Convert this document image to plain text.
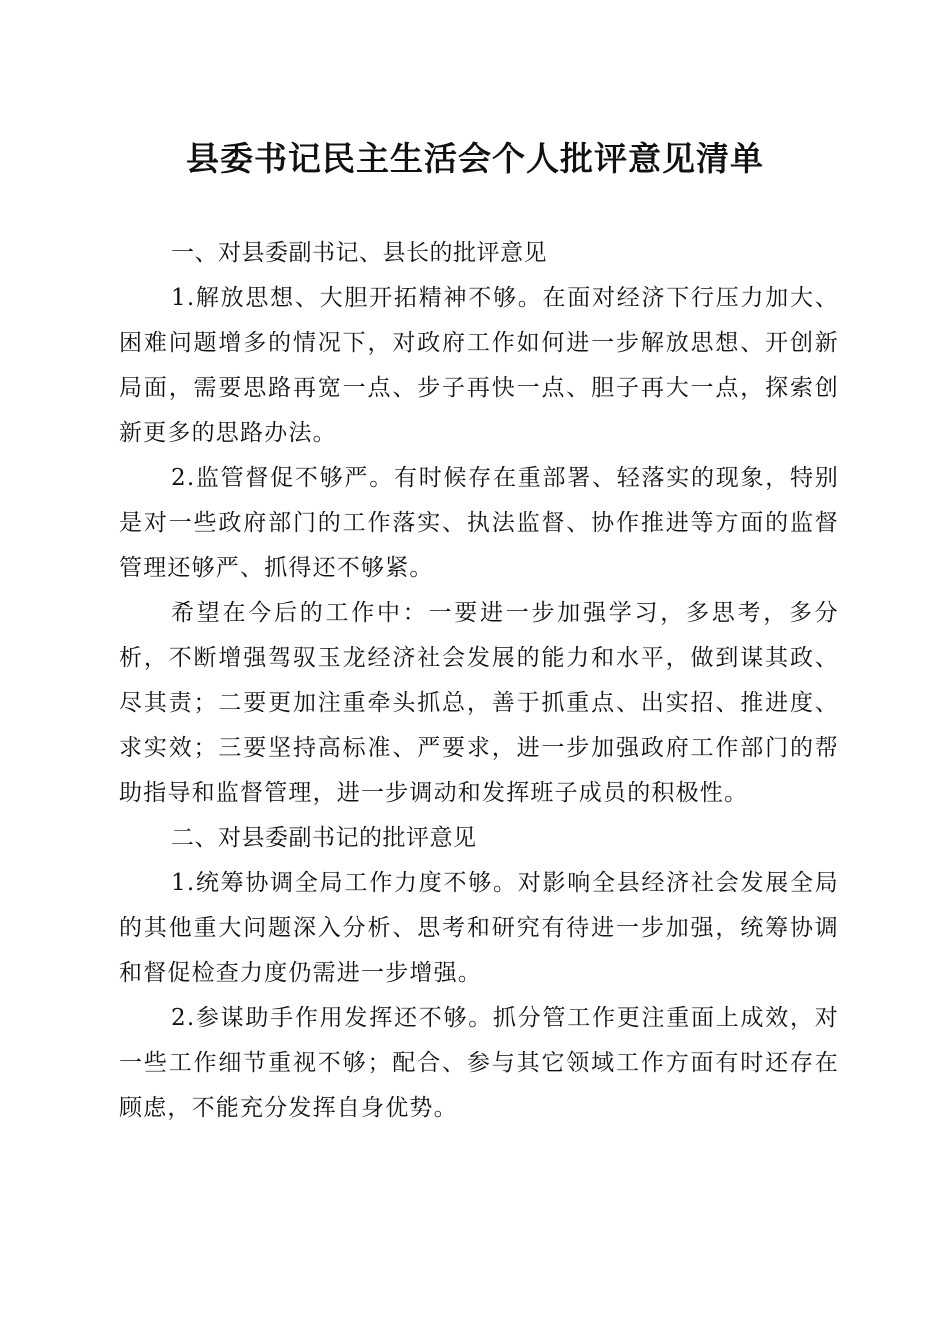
县委书记民主生活会个人批评意见清单

一、对县委副书记、县长的批评意见

1.解放思想、大胆开拓精神不够。在面对经济下行压力加大、困难问题增多的情况下，对政府工作如何进一步解放思想、开创新局面，需要思路再宽一点、步子再快一点、胆子再大一点，探索创新更多的思路办法。

2.监管督促不够严。有时候存在重部署、轻落实的现象，特别是对一些政府部门的工作落实、执法监督、协作推进等方面的监督管理还够严、抓得还不够紧。

希望在今后的工作中：一要进一步加强学习，多思考，多分析，不断增强驾驭玉龙经济社会发展的能力和水平，做到谋其政、尽其责；二要更加注重牵头抓总，善于抓重点、出实招、推进度、求实效；三要坚持高标准、严要求，进一步加强政府工作部门的帮助指导和监督管理，进一步调动和发挥班子成员的积极性。

二、对县委副书记的批评意见

1.统筹协调全局工作力度不够。对影响全县经济社会发展全局的其他重大问题深入分析、思考和研究有待进一步加强，统筹协调和督促检查力度仍需进一步增强。

2.参谋助手作用发挥还不够。抓分管工作更注重面上成效，对一些工作细节重视不够；配合、参与其它领域工作方面有时还存在顾虑，不能充分发挥自身优势。
